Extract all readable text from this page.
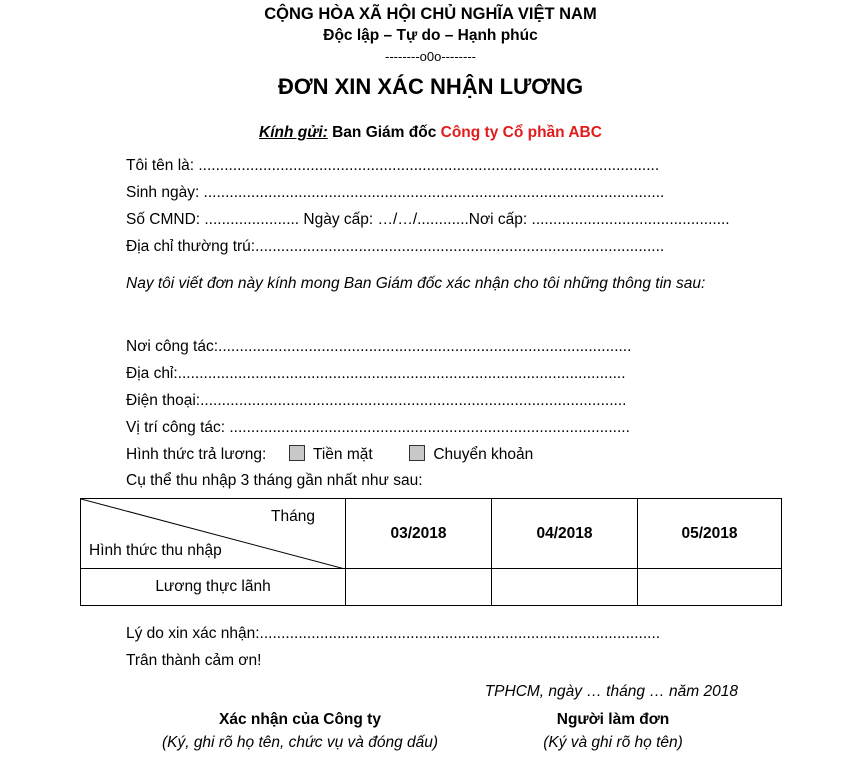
CỘNG HÒA XÃ HỘI CHỦ NGHĨA VIỆT NAM
Độc lập – Tự do – Hạnh phúc
--------o0o--------
ĐƠN XIN XÁC NHẬN LƯƠNG
Kính gửi: Ban Giám đốc Công ty Cổ phần ABC
Tôi tên là: ...........................................................................................................
Sinh ngày: ...........................................................................................................
Số CMND: ...................... Ngày cấp: …/…/............Nơi cấp: ..............................................
Địa chỉ thường trú:...............................................................................................
Nay tôi viết đơn này kính mong Ban Giám đốc xác nhận cho tôi những thông tin sau:
Nơi công tác:................................................................................................
Địa chỉ:........................................................................................................
Điện thoại:...................................................................................................
Vị trí công tác: .............................................................................................
Hình thức trả lương:	Tiền mặt	Chuyển khoản
Cụ thể thu nhập 3 tháng gần nhất như sau:
Tháng
Hình thức thu nhập	03/2018	04/2018	05/2018
Lương thực lãnh			
Lý do xin xác nhận:.............................................................................................
Trân thành cảm ơn!
TPHCM, ngày … tháng … năm 2018
Xác nhận của Công ty
(Ký, ghi rõ họ tên, chức vụ và đóng dấu)
Người làm đơn
(Ký và ghi rõ họ tên)
